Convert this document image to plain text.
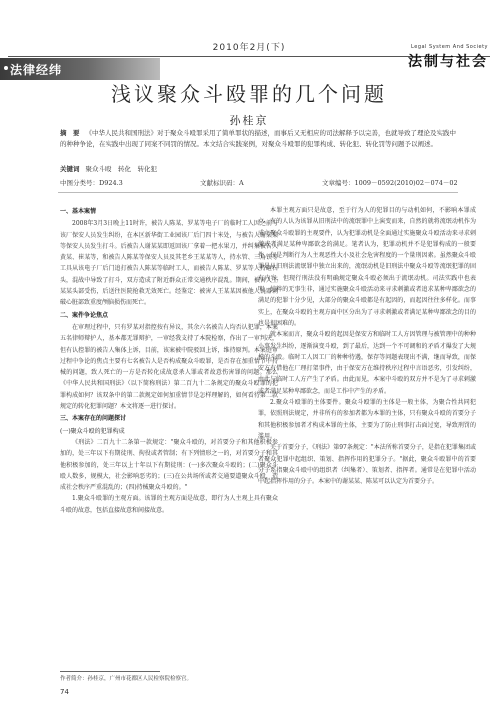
2010年2月(下)
法律经纬
Legal System And Society
法制与社会
浅议聚众斗殴罪的几个问题
孙桂京
摘　要 《中华人民共和国刑法》对于聚众斗殴罪采用了简单罪状的描述，而事后又无相应的司法解释予以完善，也就导致了理论及实践中的种种争论，在实践中出现了同案不同罚的情况。本文结合实践案例，对聚众斗殴罪的犯罪构成、转化犯、转化罚等问题予以阐述。
关键词 聚众斗殴　转化　转化犯
中图分类号：D924.3	文献标识码：A	文章编号：1009－0592(2010)02－074－02

一、基本案情

2008年3月3日晚上11时许，被告人陈某、罗某等电子厂的临时工人因之前与该厂保安人员发生纠纷，在本区新华街工业园该厂后门四十米处，与被告人谢某某等保安人员发生打斗。后被告人谢某某即返回该厂拿着一把水果刀，并纠集被告人黄某、崔某等，和被告人陈某等保安人员及其老乡王某某等人，持水管、三角铁等工具从该电子厂后门追打被告人陈某等临时工人，而被告人陈某、罗某等人持砸石头，混战中导致了打斗，双方造成了附近群众正常交通秩序混乱。期间，被害人王某某头部受伤，后送往医院抢救无效死亡。经鉴定：被害人王某某因被他人锐器刺破心脏部致重度颅脑损伤而死亡。

二、案件争论焦点

在审理过程中，只有罗某对指控按有异议，其余六名被告人均否认犯罪，本案五名律师辩护人，基本都无罪辩护，一审经我支持了本院检察，作出了一审判决，但有认控罪的被告人集体上诉，目前，该案被中院驳回上诉，维持原判。本案庭审过程中争论的焦点主要有七名被告人是否构成聚众斗殴罪，是否存在加重情节中持械的问题，致人死亡的一方是否转化成故意杀人罪或者故意伤害罪的问题。那么《中华人民共和国刑法》（以下简称刑法）第二百九十二条规定的聚众斗殴罪的犯罪构成如何？该双条中的第二款规定如何加重情节是怎样理解的，如何看待第二款规定的转化犯罪问题？本文将逐一进行探讨。

三、本案存在的问题探讨

(一)聚众斗殴的犯罪构成

《刑法》二百九十二条第一款规定："聚众斗殴的，对首要分子和其他积极参加的，处三年以下有期徒刑、拘役或者管制；有下列情形之一的，对首要分子和其他积极参加的，处三年以上十年以下有期徒刑：(一)多次聚众斗殴的；(二)聚众斗殴人数多，规模大，社会影响恶劣的；(三)在公共场所或者交通要道聚众斗殴，造成社会秩序严重混乱的；(四)持械聚众斗殴的。"

1.聚众斗殴罪的主观方面。该罪的主观方面是故意，即行为人主观上具有聚众斗殴的故意，包括直接故意和间接故意。

本罪主观方面只是故意，至于行为人的犯罪目的与动机如何，不影响本罪成立。有的人认为该罪从旧刑法中的流氓罪中上演变而来，自然的就将流氓动机作为成立聚众斗殴罪的主观要件，认为犯罪动机是全面通过实施聚众斗殴活动来寻求刺激或者满足某种卑鄙欲念的满足。笔者认为，犯罪动机并不是犯罪构成的一般要件，仅是判断行为人主观恶性大小及社会危害程度的一个量刑因素。虽然聚众斗殴罪是从旧刑法流氓罪中独立出来的，流氓动机是旧刑法中聚众斗殴等流氓犯罪的固有内容，但现行刑法没有明确规定聚众斗殴必须出于流氓动机。司法实践中也表明，纯粹的无事生非，通过实施聚众斗殴活动来寻求刺激或者追求某种卑鄙欲念的满足的犯罪十分少见，大部分的聚众斗殴都是有起因的，而起因往往多样化。而事实上，在聚众斗殴的主观方面中区分出为了寻求刺激或者满足某种卑鄙欲念的目的也是很困难的。

就本案而言，聚众斗殴的起因是保安方和临时工人方因管理与被管理中的种种小事发生纠纷，逐渐演变斗殴，到了最后，达到一个不可调和的矛盾才爆发了大规模的斗殴。临时工人因工厂的种种待遇，保存等问题表现出不满，继而导致，而保安方有借他在厂理打架事件，由于保安方在维持秩序过程中言语恶劣，引发纠纷，由此与临时工人方产生了矛盾。由此而见，本案中斗殴的双方并不是为了寻求刺激或者满足某种卑鄙欲念，而是工作中产生的矛盾。

2.聚众斗殴罪的主体要件。聚众斗殴罪的主体是一般主体，为聚合性共同犯罪，依照刑法规定，并非所有的参加者都为本罪的主体，只有聚众斗殴的首要分子和其他积极参加者才构成本罪的主体，主要为了防止刑事打击面过宽，导致刑罚的滥用。

关于首要分子，《刑法》第97条规定："本法所称首要分子，是指在犯罪集团或者聚众犯罪中起组织、策划、指挥作用的犯罪分子。"据此，聚众斗殴罪中的首要分子系指聚众斗殴中的组织者（纠集者）、策划者、指挥者。通常是在犯罪中活动中起指挥作用的分子。本案中的谢某某、陈某可以认定为首要分子。

作者简介：孙桂京，广州市花都区人民检察院检察官。
74
